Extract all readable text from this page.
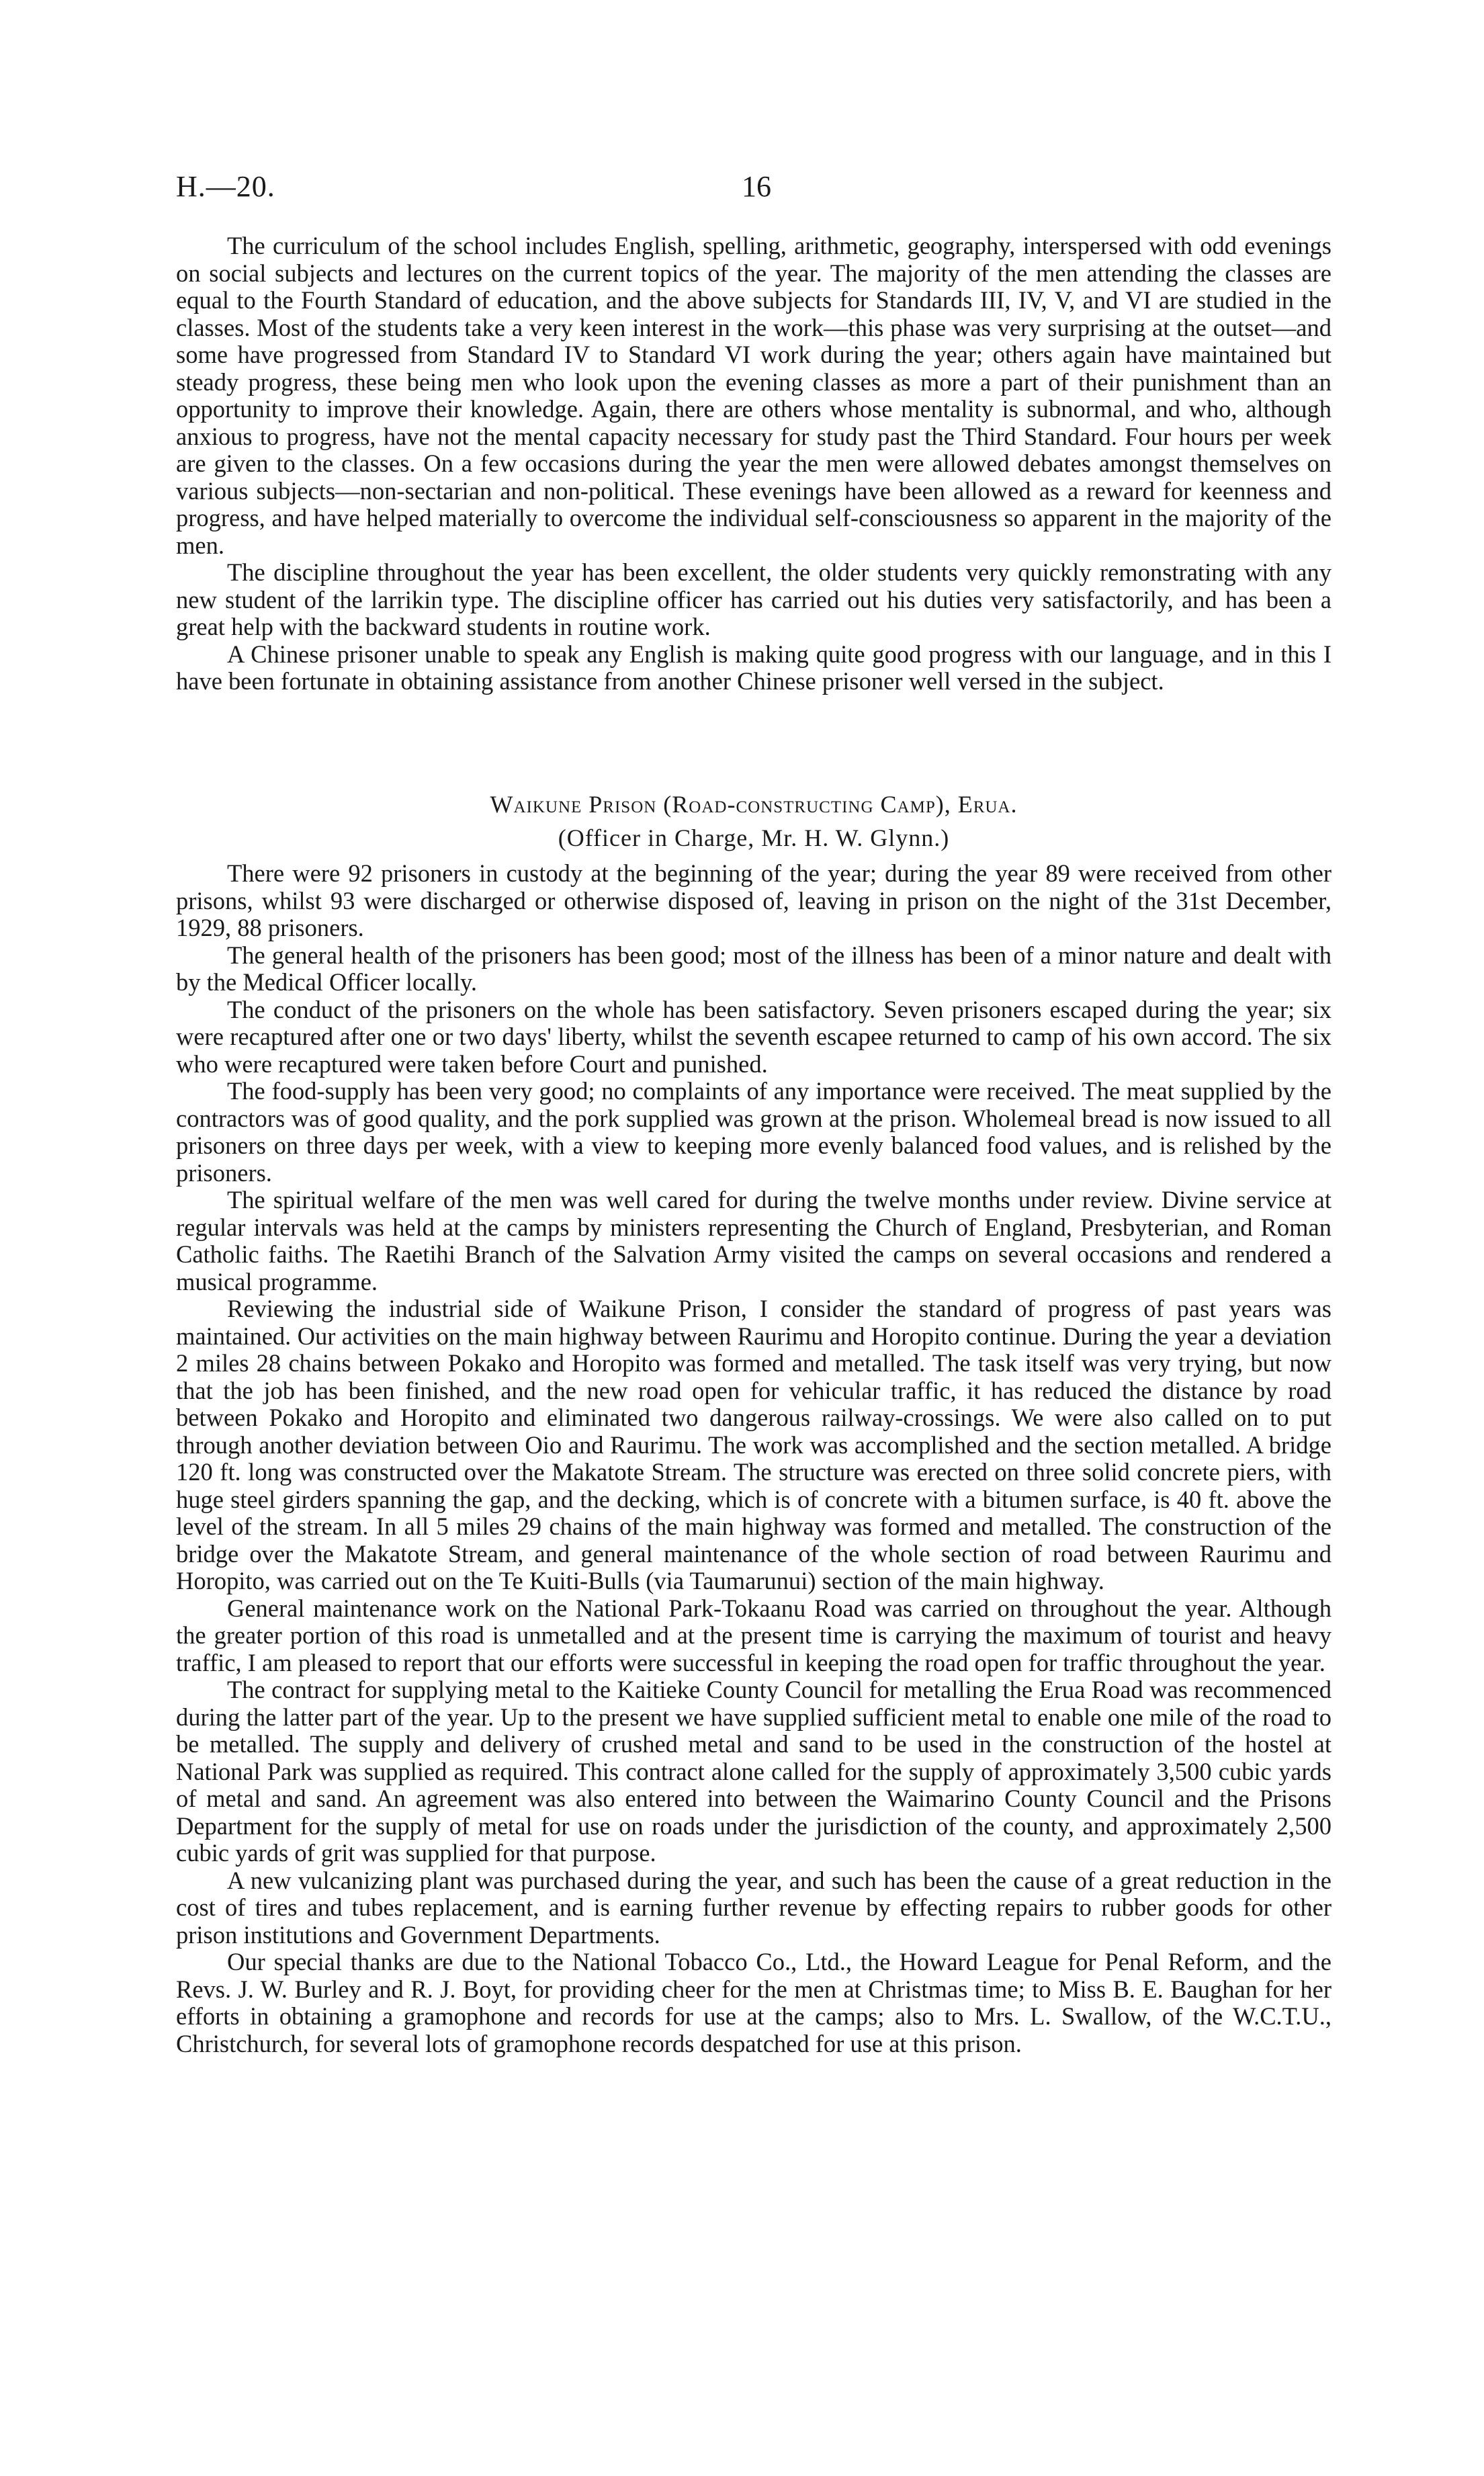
H.—20.	16

The curriculum of the school includes English, spelling, arithmetic, geography, interspersed with odd evenings on social subjects and lectures on the current topics of the year. The majority of the men attending the classes are equal to the Fourth Standard of education, and the above subjects for Standards III, IV, V, and VI are studied in the classes. Most of the students take a very keen interest in the work—this phase was very surprising at the outset—and some have progressed from Standard IV to Standard VI work during the year; others again have maintained but steady progress, these being men who look upon the evening classes as more a part of their punishment than an opportunity to improve their knowledge. Again, there are others whose mentality is subnormal, and who, although anxious to progress, have not the mental capacity necessary for study past the Third Standard. Four hours per week are given to the classes. On a few occasions during the year the men were allowed debates amongst themselves on various subjects—non-sectarian and non-political. These evenings have been allowed as a reward for keenness and progress, and have helped materially to overcome the individual self-consciousness so apparent in the majority of the men.

The discipline throughout the year has been excellent, the older students very quickly remonstrating with any new student of the larrikin type. The discipline officer has carried out his duties very satisfactorily, and has been a great help with the backward students in routine work.

A Chinese prisoner unable to speak any English is making quite good progress with our language, and in this I have been fortunate in obtaining assistance from another Chinese prisoner well versed in the subject.

Waikune Prison (Road-constructing Camp), Erua.
(Officer in Charge, Mr. H. W. Glynn.)

There were 92 prisoners in custody at the beginning of the year; during the year 89 were received from other prisons, whilst 93 were discharged or otherwise disposed of, leaving in prison on the night of the 31st December, 1929, 88 prisoners.

The general health of the prisoners has been good; most of the illness has been of a minor nature and dealt with by the Medical Officer locally.

The conduct of the prisoners on the whole has been satisfactory. Seven prisoners escaped during the year; six were recaptured after one or two days' liberty, whilst the seventh escapee returned to camp of his own accord. The six who were recaptured were taken before Court and punished.

The food-supply has been very good; no complaints of any importance were received. The meat supplied by the contractors was of good quality, and the pork supplied was grown at the prison. Wholemeal bread is now issued to all prisoners on three days per week, with a view to keeping more evenly balanced food values, and is relished by the prisoners.

The spiritual welfare of the men was well cared for during the twelve months under review. Divine service at regular intervals was held at the camps by ministers representing the Church of England, Presbyterian, and Roman Catholic faiths. The Raetihi Branch of the Salvation Army visited the camps on several occasions and rendered a musical programme.

Reviewing the industrial side of Waikune Prison, I consider the standard of progress of past years was maintained. Our activities on the main highway between Raurimu and Horopito continue. During the year a deviation 2 miles 28 chains between Pokako and Horopito was formed and metalled. The task itself was very trying, but now that the job has been finished, and the new road open for vehicular traffic, it has reduced the distance by road between Pokako and Horopito and eliminated two dangerous railway-crossings. We were also called on to put through another deviation between Oio and Raurimu. The work was accomplished and the section metalled. A bridge 120 ft. long was constructed over the Makatote Stream. The structure was erected on three solid concrete piers, with huge steel girders spanning the gap, and the decking, which is of concrete with a bitumen surface, is 40 ft. above the level of the stream. In all 5 miles 29 chains of the main highway was formed and metalled. The construction of the bridge over the Makatote Stream, and general maintenance of the whole section of road between Raurimu and Horopito, was carried out on the Te Kuiti-Bulls (via Taumarunui) section of the main highway.

General maintenance work on the National Park-Tokaanu Road was carried on throughout the year. Although the greater portion of this road is unmetalled and at the present time is carrying the maximum of tourist and heavy traffic, I am pleased to report that our efforts were successful in keeping the road open for traffic throughout the year.

The contract for supplying metal to the Kaitieke County Council for metalling the Erua Road was recommenced during the latter part of the year. Up to the present we have supplied sufficient metal to enable one mile of the road to be metalled. The supply and delivery of crushed metal and sand to be used in the construction of the hostel at National Park was supplied as required. This contract alone called for the supply of approximately 3,500 cubic yards of metal and sand. An agreement was also entered into between the Waimarino County Council and the Prisons Department for the supply of metal for use on roads under the jurisdiction of the county, and approximately 2,500 cubic yards of grit was supplied for that purpose.

A new vulcanizing plant was purchased during the year, and such has been the cause of a great reduction in the cost of tires and tubes replacement, and is earning further revenue by effecting repairs to rubber goods for other prison institutions and Government Departments.

Our special thanks are due to the National Tobacco Co., Ltd., the Howard League for Penal Reform, and the Revs. J. W. Burley and R. J. Boyt, for providing cheer for the men at Christmas time; to Miss B. E. Baughan for her efforts in obtaining a gramophone and records for use at the camps; also to Mrs. L. Swallow, of the W.C.T.U., Christchurch, for several lots of gramophone records despatched for use at this prison.
